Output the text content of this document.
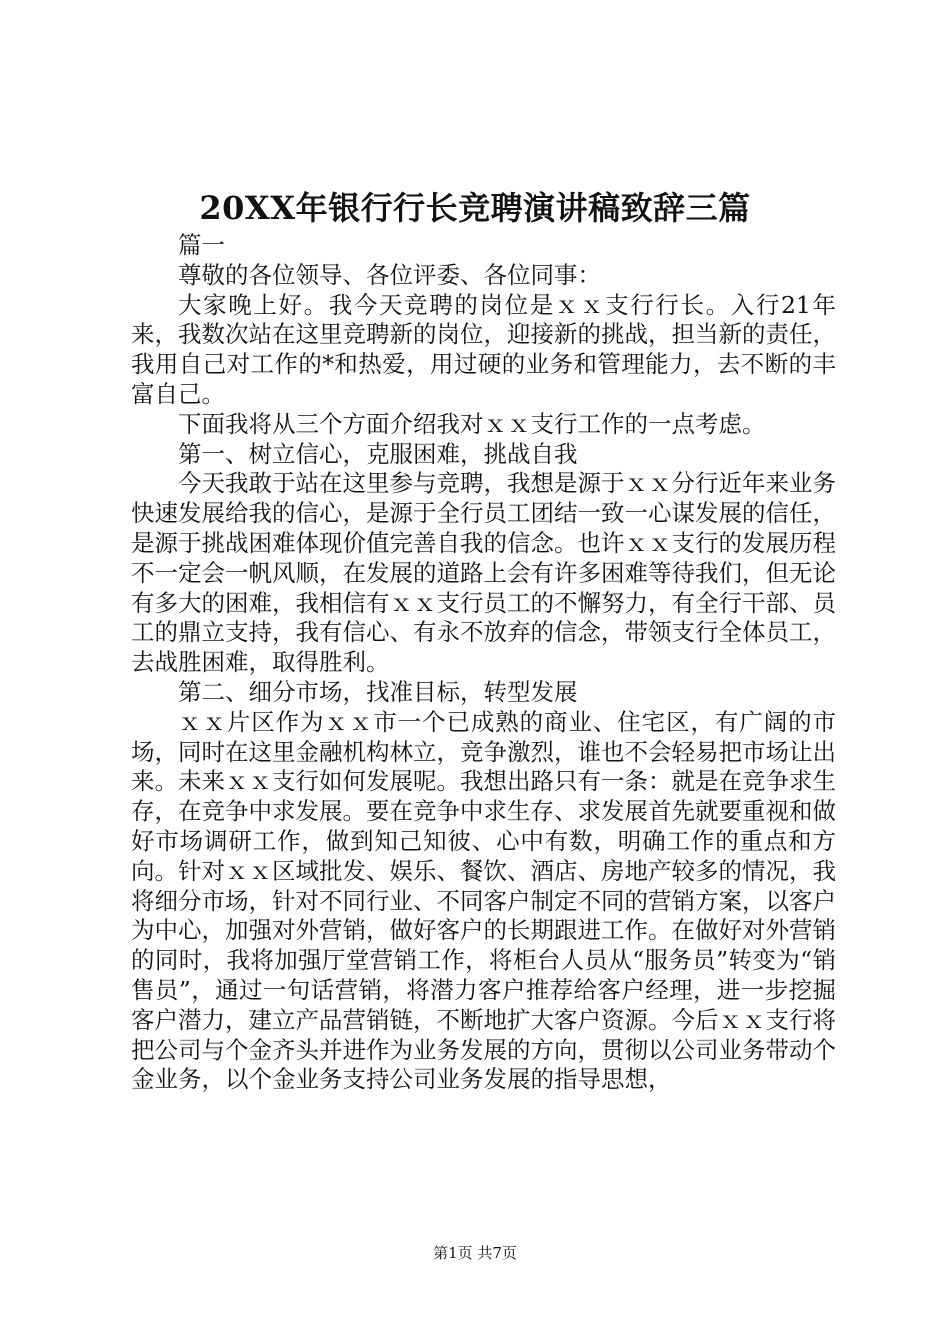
20XX年银行行长竞聘演讲稿致辞三篇

篇一

尊敬的各位领导、各位评委、各位同事：

大家晚上好。我今天竞聘的岗位是ｘｘ支行行长。入行21年来，我数次站在这里竞聘新的岗位，迎接新的挑战，担当新的责任，我用自己对工作的*和热爱，用过硬的业务和管理能力，去不断的丰富自己。

下面我将从三个方面介绍我对ｘｘ支行工作的一点考虑。

第一、树立信心，克服困难，挑战自我

今天我敢于站在这里参与竞聘，我想是源于ｘｘ分行近年来业务快速发展给我的信心，是源于全行员工团结一致一心谋发展的信任，是源于挑战困难体现价值完善自我的信念。也许ｘｘ支行的发展历程不一定会一帆风顺，在发展的道路上会有许多困难等待我们，但无论有多大的困难，我相信有ｘｘ支行员工的不懈努力，有全行干部、员工的鼎立支持，我有信心、有永不放弃的信念，带领支行全体员工，去战胜困难，取得胜利。

第二、细分市场，找准目标，转型发展

ｘｘ片区作为ｘｘ市一个已成熟的商业、住宅区，有广阔的市场，同时在这里金融机构林立，竞争激烈，谁也不会轻易把市场让出来。未来ｘｘ支行如何发展呢。我想出路只有一条：就是在竞争求生存，在竞争中求发展。要在竞争中求生存、求发展首先就要重视和做好市场调研工作，做到知己知彼、心中有数，明确工作的重点和方向。针对ｘｘ区域批发、娱乐、餐饮、酒店、房地产较多的情况，我将细分市场，针对不同行业、不同客户制定不同的营销方案，以客户为中心，加强对外营销，做好客户的长期跟进工作。在做好对外营销的同时，我将加强厅堂营销工作，将柜台人员从“服务员”转变为“销售员”，通过一句话营销，将潜力客户推荐给客户经理，进一步挖掘客户潜力，建立产品营销链，不断地扩大客户资源。今后ｘｘ支行将把公司与个金齐头并进作为业务发展的方向，贯彻以公司业务带动个金业务，以个金业务支持公司业务发展的指导思想，

第1页 共7页
